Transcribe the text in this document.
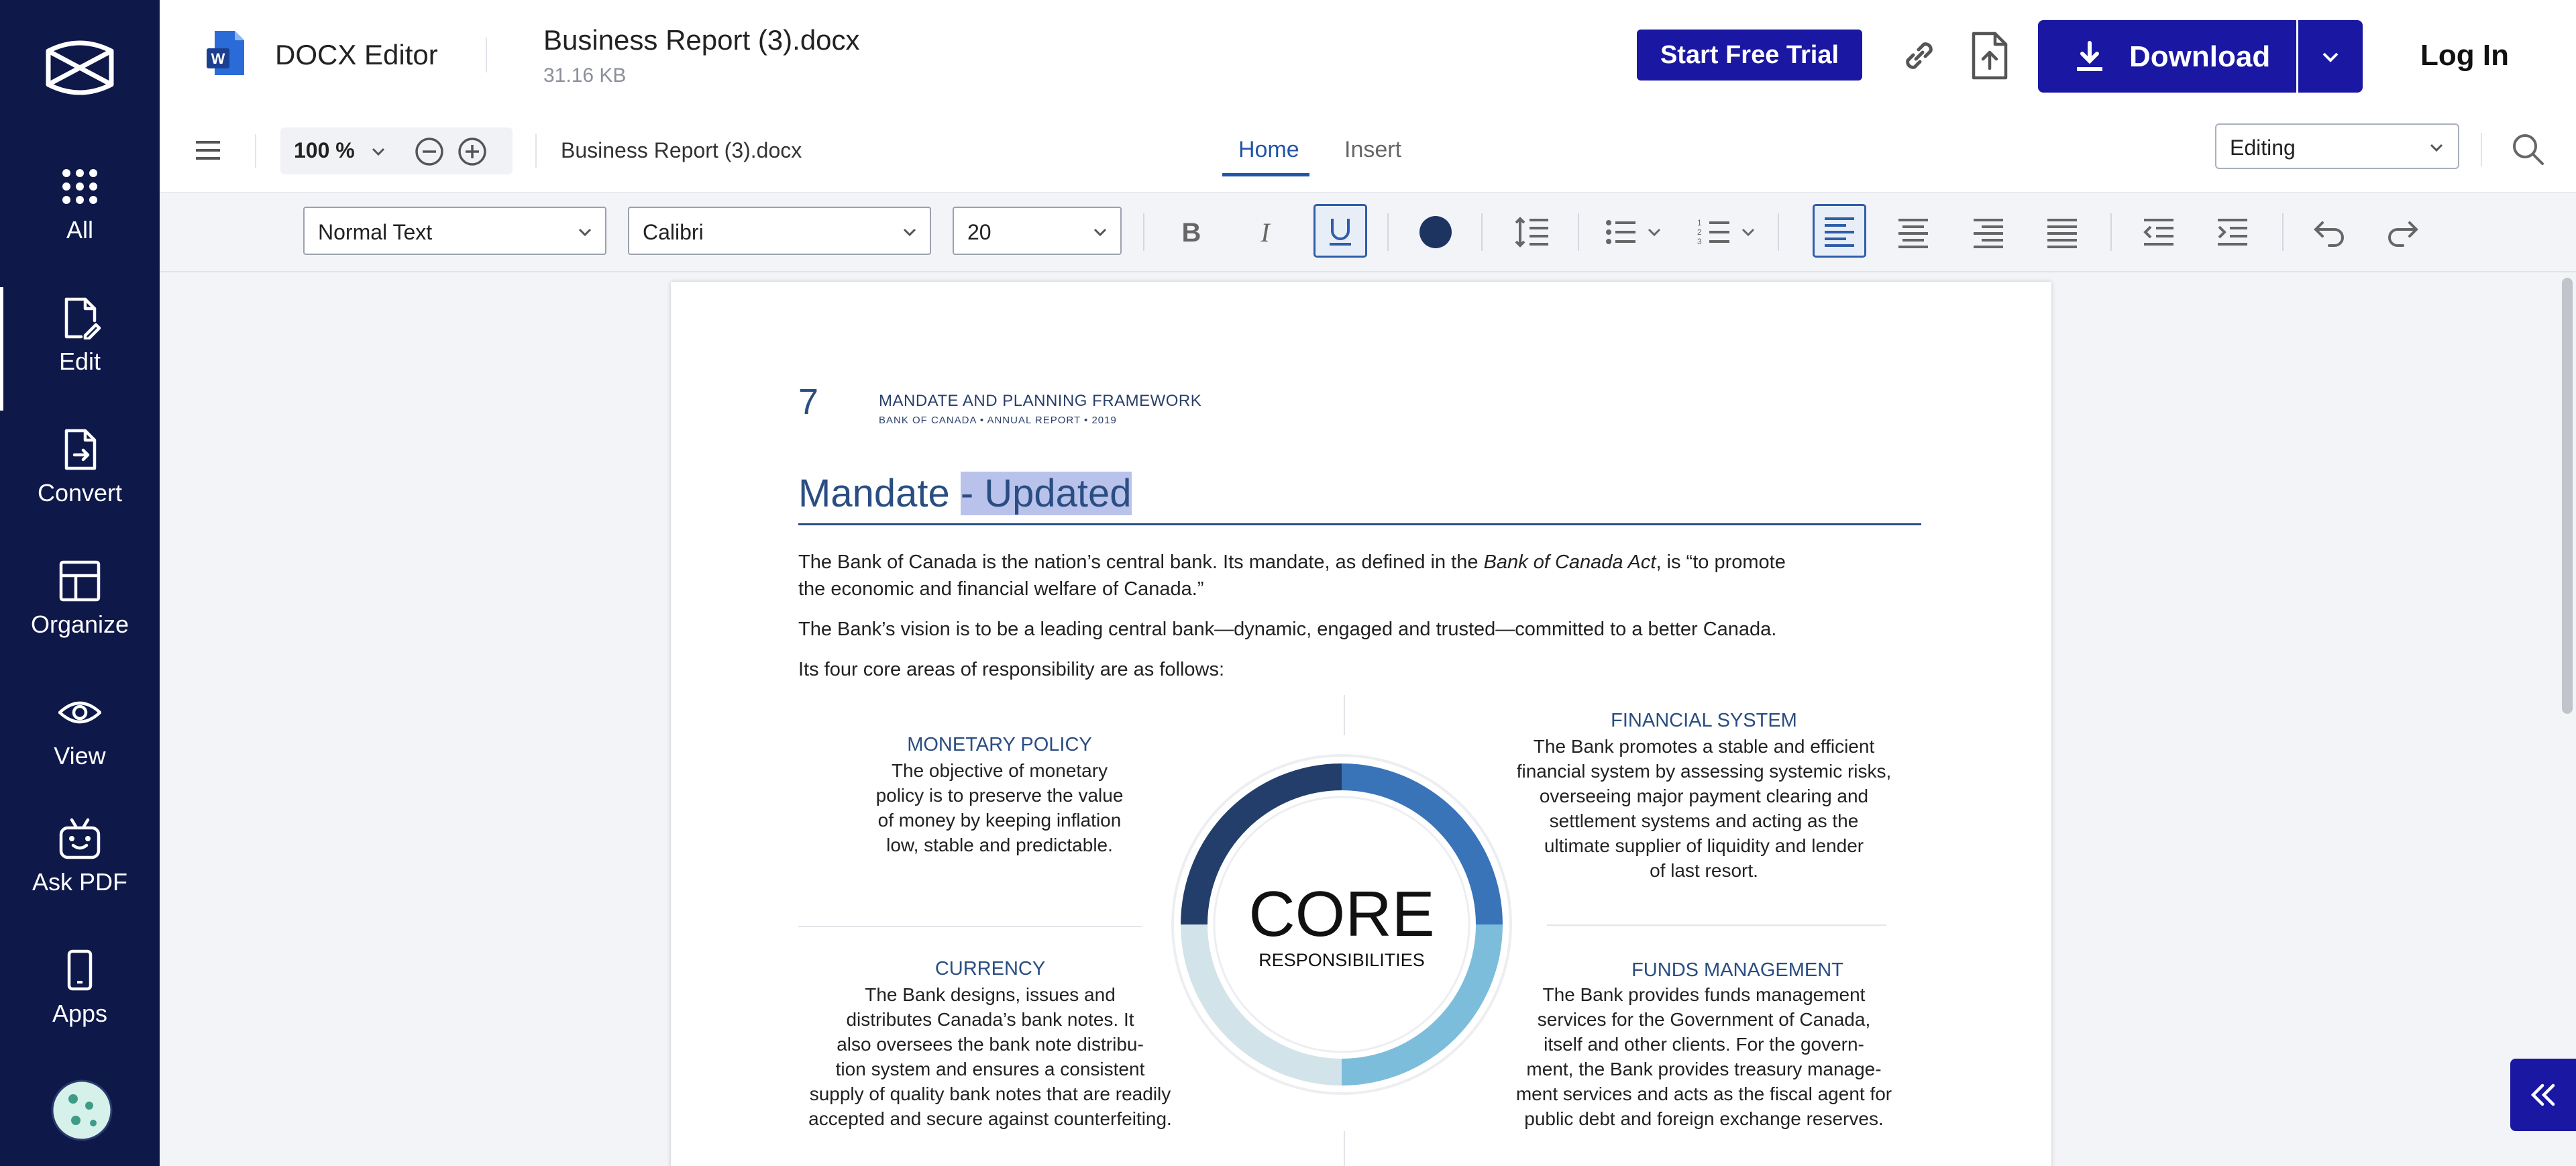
All
Edit
Convert
Organize
View
Ask PDF
Apps
W DOCX Editor	Business Report (3).docx
31.16 KB
Start Free Trial	Download	Log In
100 %	Business Report (3).docx	Home Insert	Editing
Normal Text	Calibri	20	B I	1
2
3
7	MANDATE AND PLANNING FRAMEWORK
BANK OF CANADA • ANNUAL REPORT • 2019
Mandate - Updated
The Bank of Canada is the nation’s central bank. Its mandate, as defined in the Bank of Canada Act, is “to promote
the economic and financial welfare of Canada.”
The Bank’s vision is to be a leading central bank—dynamic, engaged and trusted—committed to a better Canada.
Its four core areas of responsibility are as follows:
MONETARY POLICY
The objective of monetary
policy is to preserve the value
of money by keeping inflation
low, stable and predictable.
FINANCIAL SYSTEM
The Bank promotes a stable and efficient
financial system by assessing systemic risks,
overseeing major payment clearing and
settlement systems and acting as the
ultimate supplier of liquidity and lender
of last resort.
CURRENCY
The Bank designs, issues and
distributes Canada’s bank notes. It
also oversees the bank note distribu-
tion system and ensures a consistent
supply of quality bank notes that are readily
accepted and secure against counterfeiting.
FUNDS MANAGEMENT
The Bank provides funds management
services for the Government of Canada,
itself and other clients. For the govern-
ment, the Bank provides treasury manage-
ment services and acts as the fiscal agent for
public debt and foreign exchange reserves.
CORE
RESPONSIBILITIES
